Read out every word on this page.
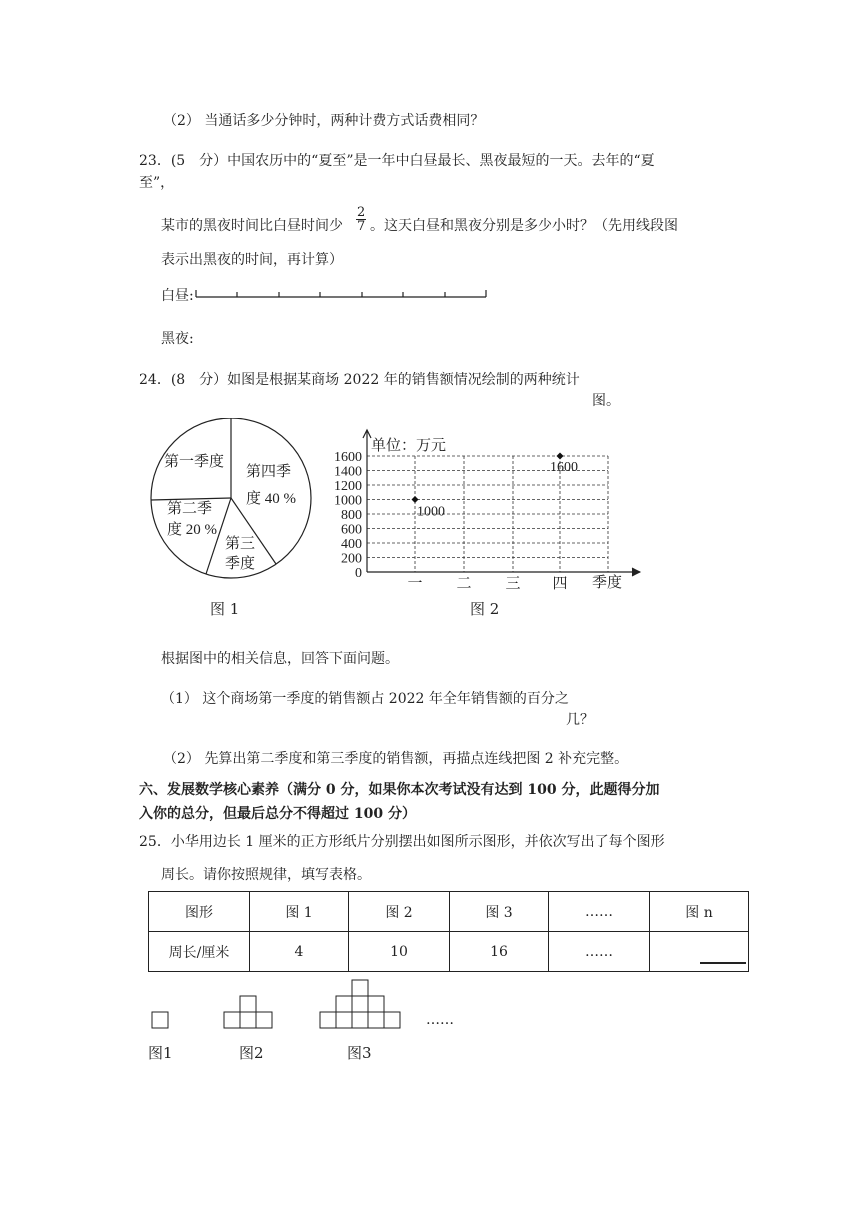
（2） 当通话多少分钟时，两种计费方式话费相同？
23．(5　分）中国农历中的“夏至”是一年中白昼最长、黑夜最短的一天。去年的“夏
至”，
某市的黑夜时间比白昼时间少 $\frac{2}{7}$ 。这天白昼和黑夜分别是多少小时？（先用线段图
表示出黑夜的时间，再计算）
白昼:
黑夜:
24．(8　分）如图是根据某商场 2022 年的销售额情况绘制的两种统计
图。
第一季度
第四季
度 40 %
第二季
度 20 %
第三
季度
图 1
单位：万元
1600
1400
1200
1000
800
600
400
200
0
一 二 三 四
1000
1600
季度
图 2
根据图中的相关信息，回答下面问题。
（1） 这个商场第一季度的销售额占 2022 年全年销售额的百分之
几？
（2） 先算出第二季度和第三季度的销售额，再描点连线把图 2 补充完整。
六、发展数学核心素养（满分 0 分，如果你本次考试没有达到 100 分，此题得分加
入你的总分，但最后总分不得超过 100 分）
25．小华用边长 1 厘米的正方形纸片分别摆出如图所示图形，并依次写出了每个图形
周长。请你按照规律，填写表格。
图形	图 1	图 2	图 3	……	图 n
周长/厘米	4	10	16	……	
……
图1	图2	图3
